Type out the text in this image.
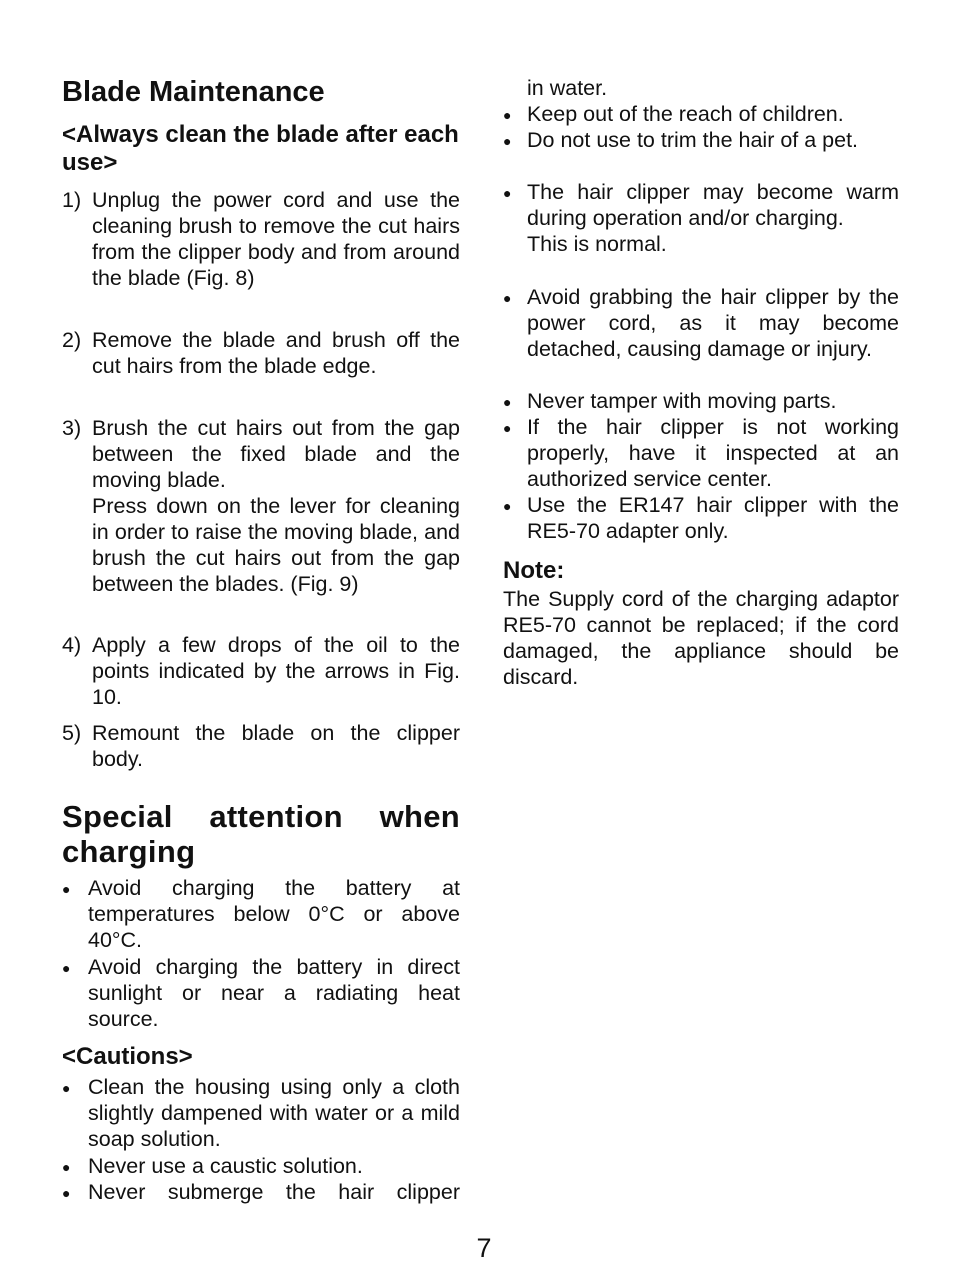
Blade Maintenance
<Always clean the blade after each use>
1) Unplug the power cord and use the cleaning brush to remove the cut hairs from the clipper body and from around the blade (Fig. 8)
2) Remove the blade and brush off the cut hairs from the blade edge.
3) Brush the cut hairs out from the gap between the fixed blade and the moving blade.
Press down on the lever for cleaning in order to raise the moving blade, and brush the cut hairs out from the gap between the blades. (Fig. 9)
4) Apply a few drops of the oil to the points indicated by the arrows in Fig. 10.
5) Remount the blade on the clipper body.
Special attention when
charging
● Avoid charging the battery at temperatures below 0°C or above 40°C.
● Avoid charging the battery in direct sunlight or near a radiating heat source.
<Cautions>
● Clean the housing using only a cloth slightly dampened with water or a mild soap solution.
● Never use a caustic solution.
● Never submerge the hair clipper
in water.
● Keep out of the reach of children.
● Do not use to trim the hair of a pet.
● The hair clipper may become warm during operation and/or charging.
This is normal.
● Avoid grabbing the hair clipper by the power cord, as it may become detached, causing damage or injury.
● Never tamper with moving parts.
● If the hair clipper is not working properly, have it inspected at an authorized service center.
● Use the ER147 hair clipper with the RE5-70 adapter only.
Note:
The Supply cord of the charging adaptor RE5-70 cannot be replaced; if the cord damaged, the appliance should be discard.
7
